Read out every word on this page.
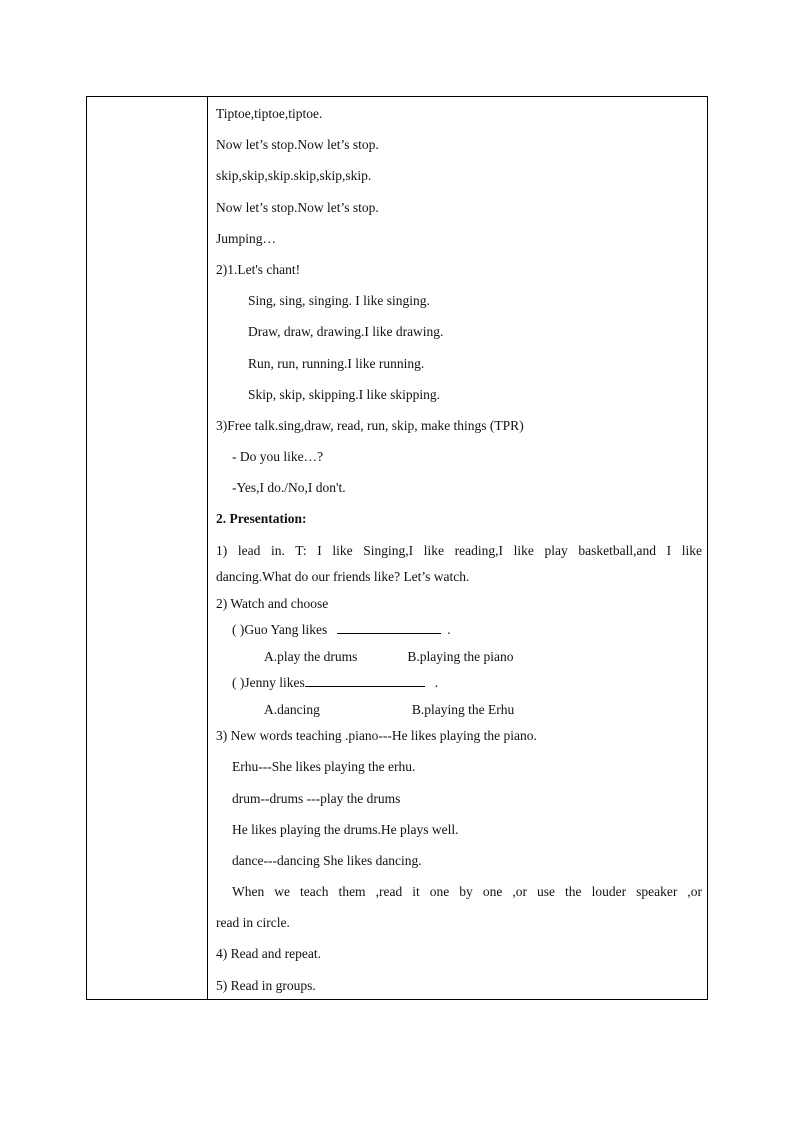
Tiptoe,tiptoe,tiptoe.
Now let’s stop.Now let’s stop.
skip,skip,skip.skip,skip,skip.
Now let’s stop.Now let’s stop.
Jumping…
2)1.Let's chant!
Sing, sing, singing. I like singing.
Draw, draw, drawing.I like drawing.
Run, run, running.I like running.
Skip, skip, skipping.I like skipping.
3)Free talk.sing,draw, read, run, skip, make things (TPR)
- Do you like…?
-Yes,I do./No,I don't.
2. Presentation:
1) lead in. T: I like Singing,I like reading,I like play basketball,and I like
dancing.What do our friends like? Let’s watch.
2) Watch and choose
( )Guo Yang likes	.
A.play the drums	B.playing the piano
( )Jenny likes	.
A.dancing	B.playing the Erhu
3) New words teaching .piano---He likes playing the piano.
Erhu---She likes playing the erhu.
drum--drums ---play the drums
He likes playing the drums.He plays well.
dance---dancing She likes dancing.
When we teach them ,read it one by one ,or use the louder speaker ,or
read in circle.
4) Read and repeat.
5) Read in groups.
